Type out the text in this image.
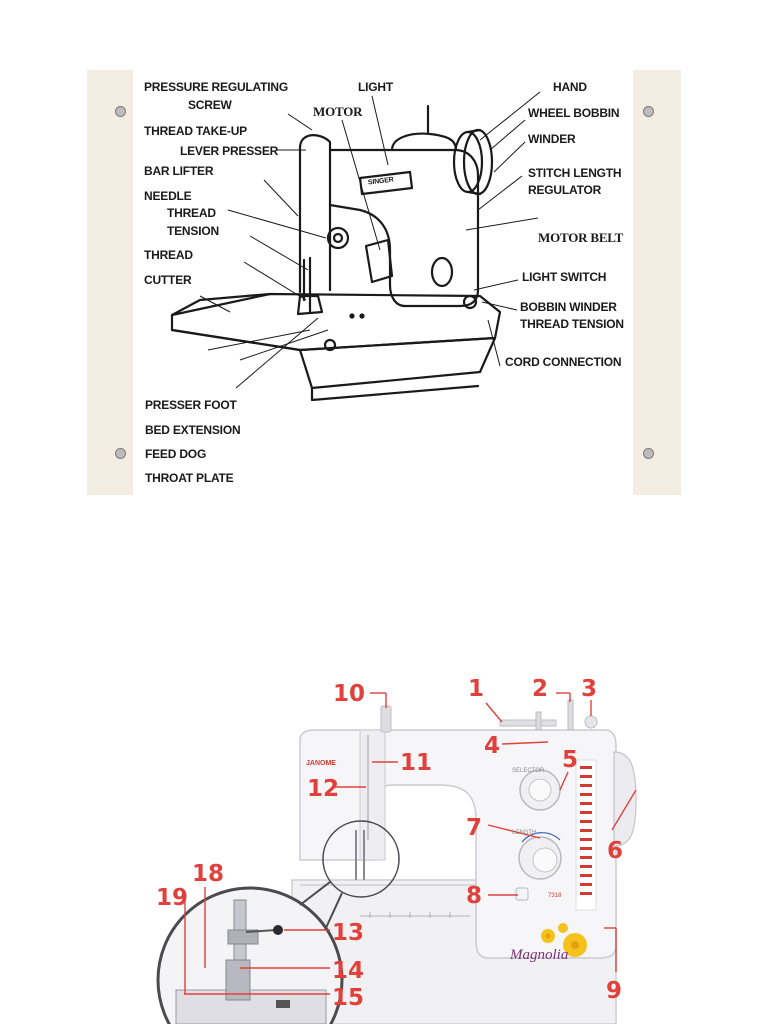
PRESSURE REGULATING
SCREW
LIGHT	HAND
MOTOR	WHEEL BOBBIN
THREAD TAKE-UP
WINDER
LEVER PRESSER
BAR LIFTER	STITCH LENGTH
REGULATOR
NEEDLE
THREAD
TENSION	MOTOR BELT
THREAD
LIGHT SWITCH
CUTTER
BOBBIN WINDER
THREAD TENSION
CORD CONNECTION
PRESSER FOOT
BED EXTENSION
FEED DOG
THROAT PLATE
SINGER
JANOME
SELECTOR
LENGTH
7318
Magnolia
1 2 3
4
5
6
7
8
9
10
11
12
13
14
15
18
19
